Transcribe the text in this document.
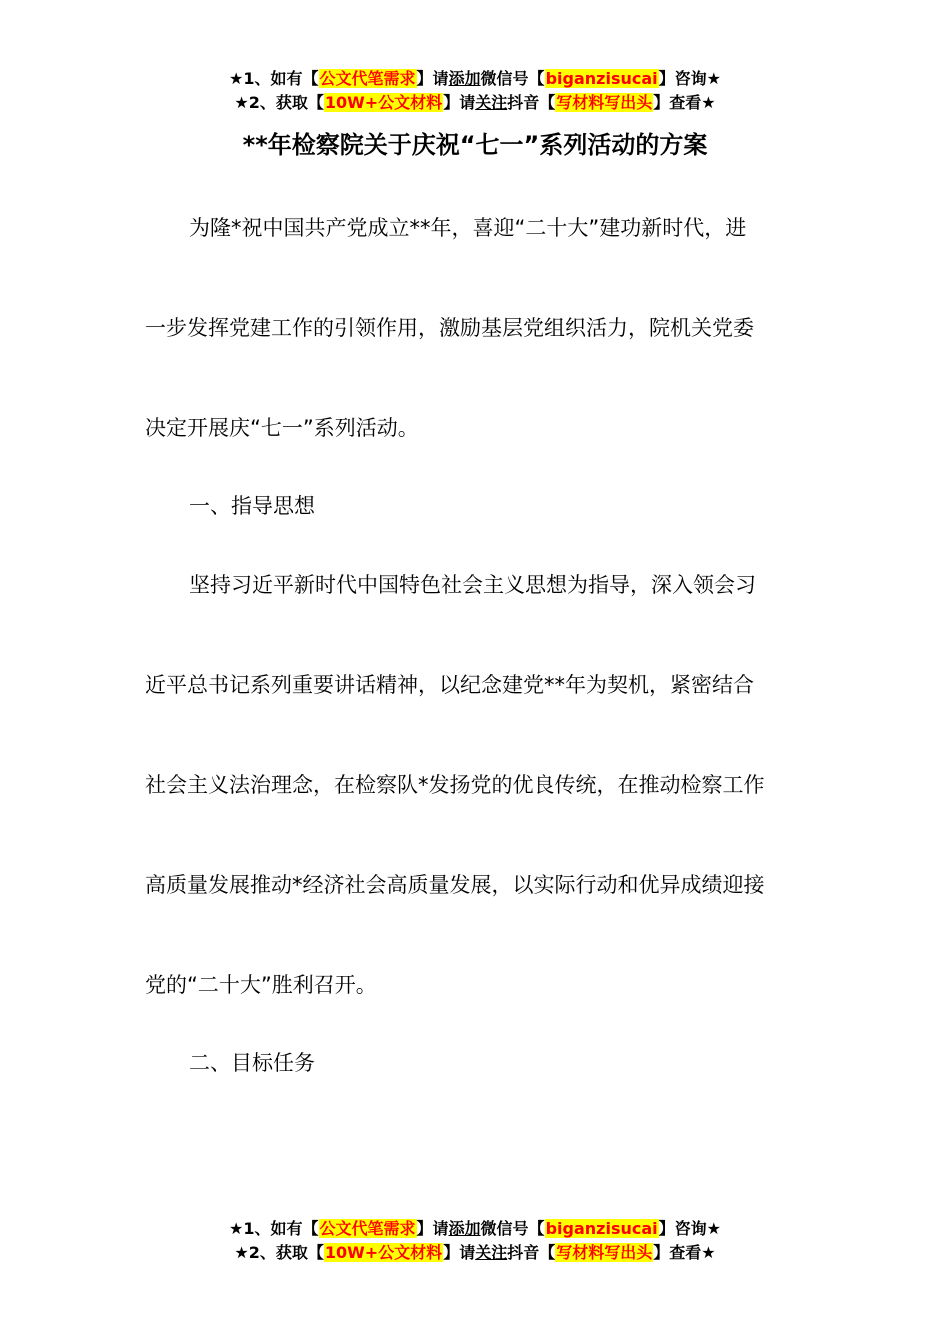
★1、如有【公文代笔需求】请添加微信号【biganzisucai】咨询★
★2、获取【10W+公文材料】请关注抖音【写材料写出头】查看★
**年检察院关于庆祝“七一”系列活动的方案
为隆*祝中国共产党成立**年，喜迎“二十大”建功新时代，进
一步发挥党建工作的引领作用，激励基层党组织活力，院机关党委
决定开展庆“七一”系列活动。
一、指导思想
坚持习近平新时代中国特色社会主义思想为指导，深入领会习
近平总书记系列重要讲话精神，以纪念建党**年为契机，紧密结合
社会主义法治理念，在检察队*发扬党的优良传统，在推动检察工作
高质量发展推动*经济社会高质量发展，以实际行动和优异成绩迎接
党的“二十大”胜利召开。
二、目标任务
★1、如有【公文代笔需求】请添加微信号【biganzisucai】咨询★
★2、获取【10W+公文材料】请关注抖音【写材料写出头】查看★
